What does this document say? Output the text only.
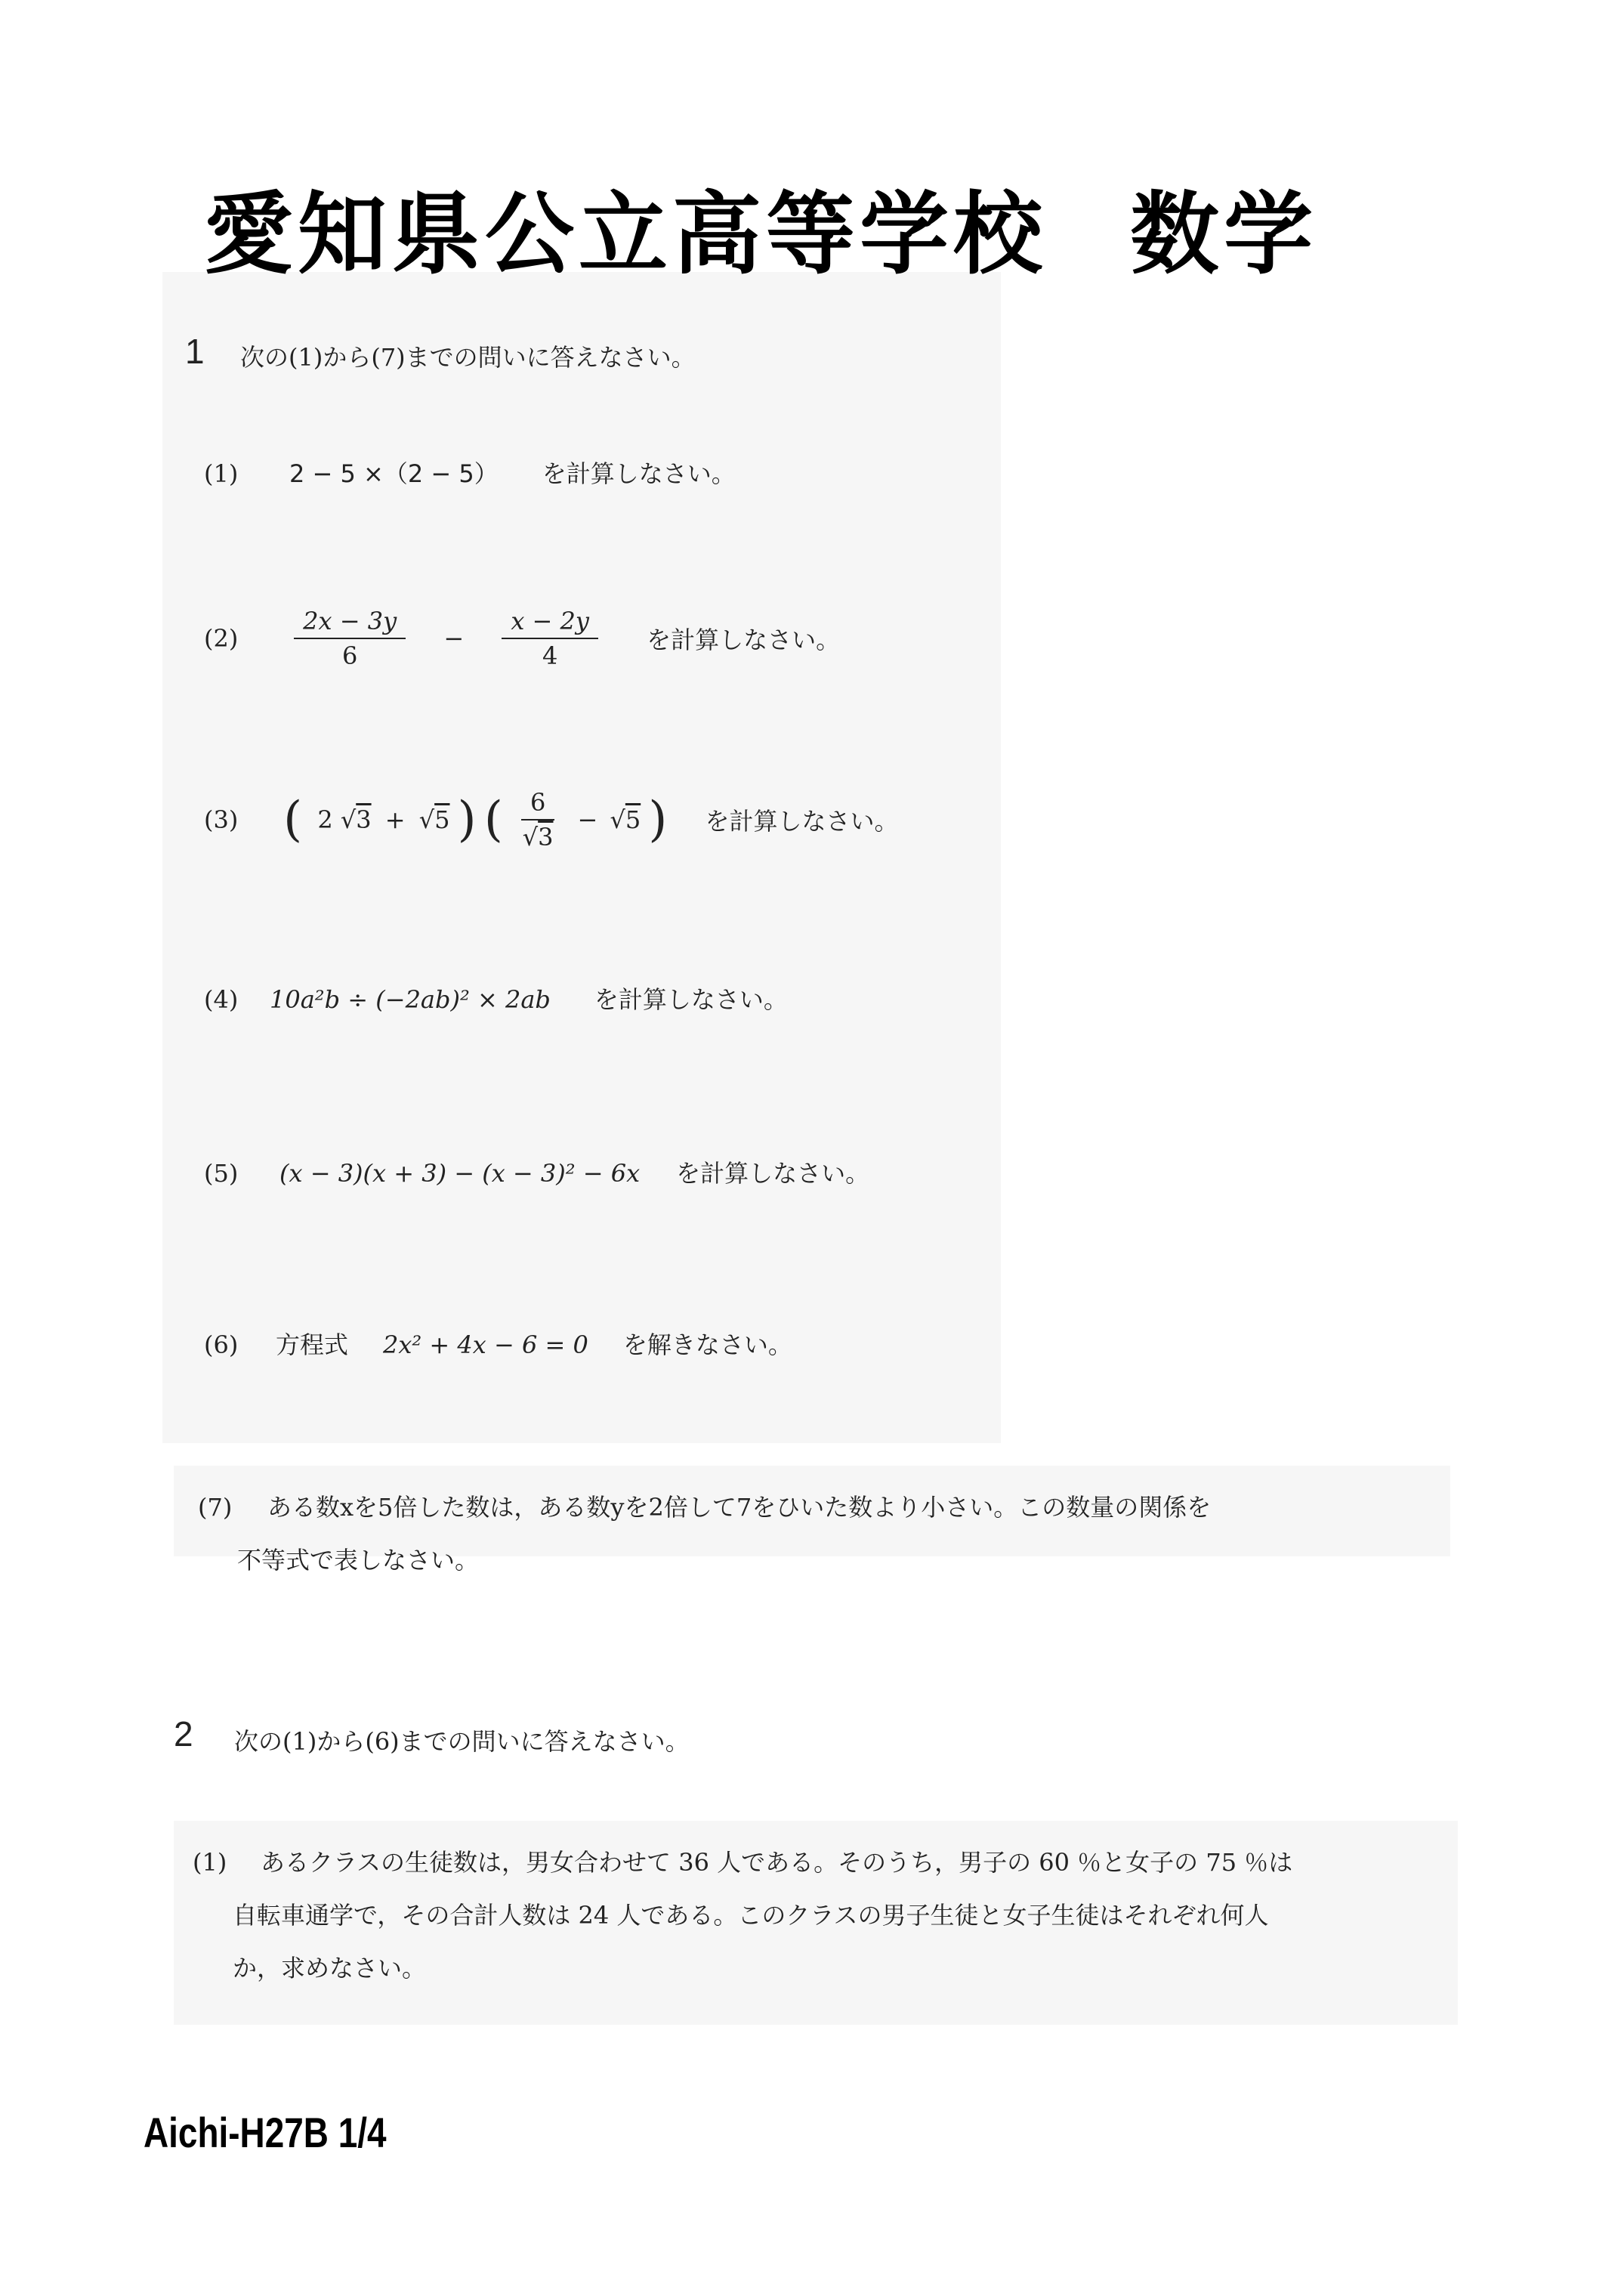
愛知県公立高等学校 数学
1 次の(1)から(7)までの問いに答えなさい。
(1) 2 − 5 ×（2 − 5） を計算しなさい。
$(2) \frac{2x - 3y}{6} - \frac{x - 2y}{4}$ を計算しなさい。
(3) ( 2 √3 + √5 ) ( $\frac{6}{√3} - √5$ ) を計算しなさい。
(4) 10a²b ÷ (−2ab)² × 2ab を計算しなさい。
(5) (x − 3)(x + 3) − (x − 3)² − 6x を計算しなさい。
(6) 方程式 2x² + 4x − 6 = 0 を解きなさい。
(7) ある数xを5倍した数は，ある数yを2倍して7をひいた数より小さい。この数量の関係を
不等式で表しなさい。
2 次の(1)から(6)までの問いに答えなさい。
(1) あるクラスの生徒数は，男女合わせて 36 人である。そのうち，男子の 60 ％と女子の 75 ％は
自転車通学で，その合計人数は 24 人である。このクラスの男子生徒と女子生徒はそれぞれ何人
か，求めなさい。
Aichi-H27B 1/4
